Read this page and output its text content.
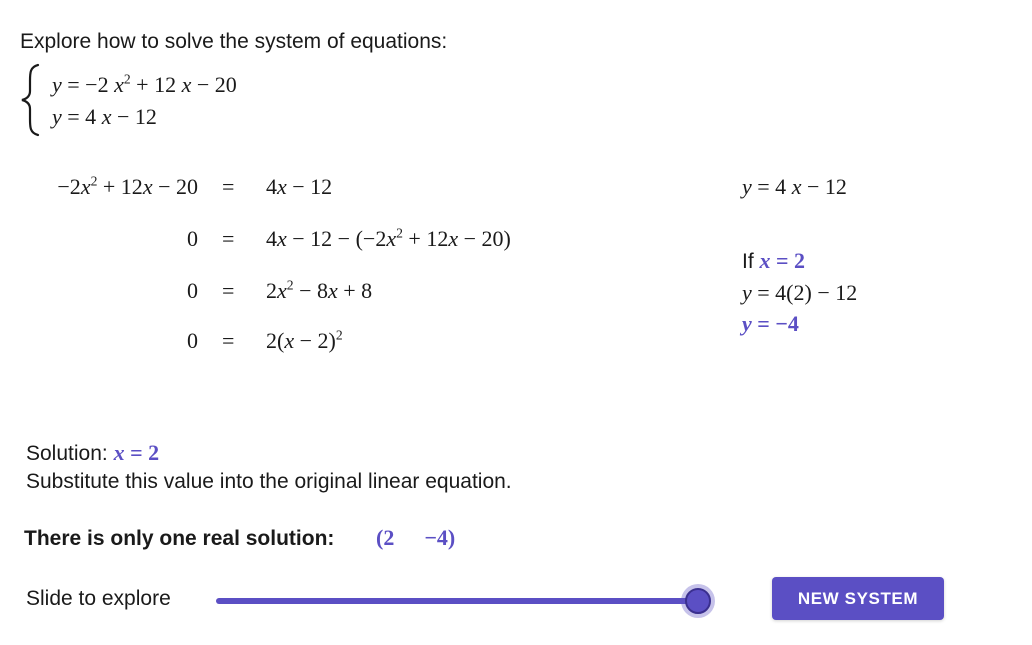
Explore how to solve the system of equations:
y = −2 $x^2 + 12$ x − 20
y = 4 x − 12
$-2x^2 + 12x - 20 = 4x - 12$
$0 = 4x - 12 - (-2x^2 + 12x - 20)$
$0 = 2x^2 - 8x + 8$
$0 = 2(x - 2)^2$
y = 4 x − 12
If x = 2
y = 4(2) − 12
y = −4
Solution: x = 2
Substitute this value into the original linear equation.
There is only one real solution: (2 −4)
Slide to explore	NEW SYSTEM
